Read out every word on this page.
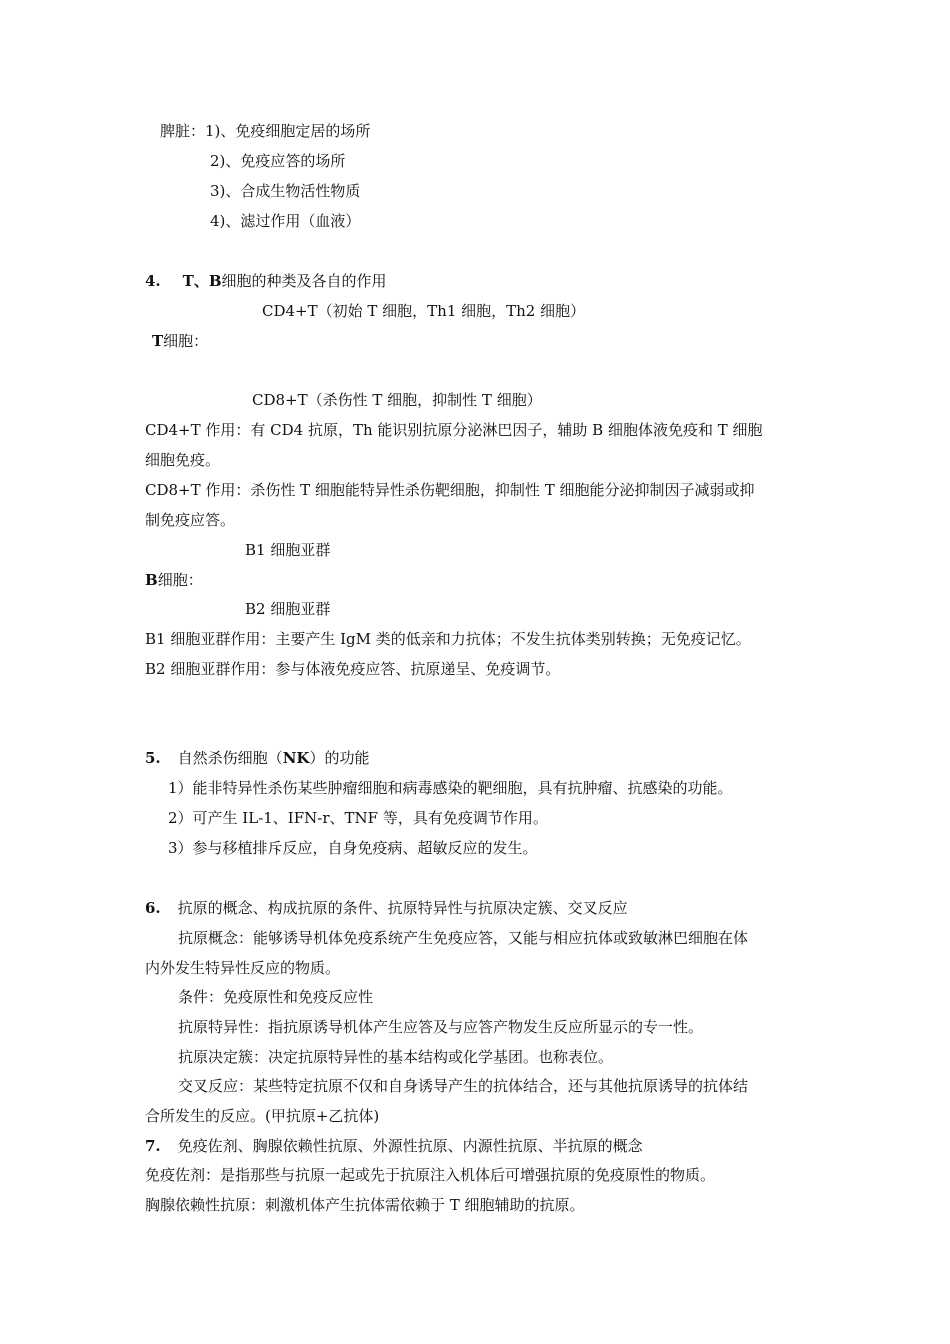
脾脏：1)、免疫细胞定居的场所
2)、免疫应答的场所
3)、合成生物活性物质
4)、滤过作用（血液）
4. T、B细胞的种类及各自的作用
CD4+T（初始 T 细胞，Th1 细胞，Th2 细胞）
T细胞：
CD8+T（杀伤性 T 细胞，抑制性 T 细胞）
CD4+T 作用：有 CD4 抗原，Th 能识别抗原分泌淋巴因子，辅助 B 细胞体液免疫和 T 细胞
细胞免疫。
CD8+T 作用：杀伤性 T 细胞能特异性杀伤靶细胞，抑制性 T 细胞能分泌抑制因子减弱或抑
制免疫应答。
B1 细胞亚群
B细胞：
B2 细胞亚群
B1 细胞亚群作用：主要产生 IgM 类的低亲和力抗体；不发生抗体类别转换；无免疫记忆。
B2 细胞亚群作用：参与体液免疫应答、抗原递呈、免疫调节。
5. 自然杀伤细胞（NK）的功能
1）能非特异性杀伤某些肿瘤细胞和病毒感染的靶细胞，具有抗肿瘤、抗感染的功能。
2）可产生 IL-1、IFN-r、TNF 等，具有免疫调节作用。
3）参与移植排斥反应，自身免疫病、超敏反应的发生。
6. 抗原的概念、构成抗原的条件、抗原特异性与抗原决定簇、交叉反应
抗原概念：能够诱导机体免疫系统产生免疫应答，又能与相应抗体或致敏淋巴细胞在体
内外发生特异性反应的物质。
条件：免疫原性和免疫反应性
抗原特异性：指抗原诱导机体产生应答及与应答产物发生反应所显示的专一性。
抗原决定簇：决定抗原特异性的基本结构或化学基团。也称表位。
交叉反应：某些特定抗原不仅和自身诱导产生的抗体结合，还与其他抗原诱导的抗体结
合所发生的反应。(甲抗原+乙抗体)
7. 免疫佐剂、胸腺依赖性抗原、外源性抗原、内源性抗原、半抗原的概念
免疫佐剂：是指那些与抗原一起或先于抗原注入机体后可增强抗原的免疫原性的物质。
胸腺依赖性抗原：刺激机体产生抗体需依赖于 T 细胞辅助的抗原。
